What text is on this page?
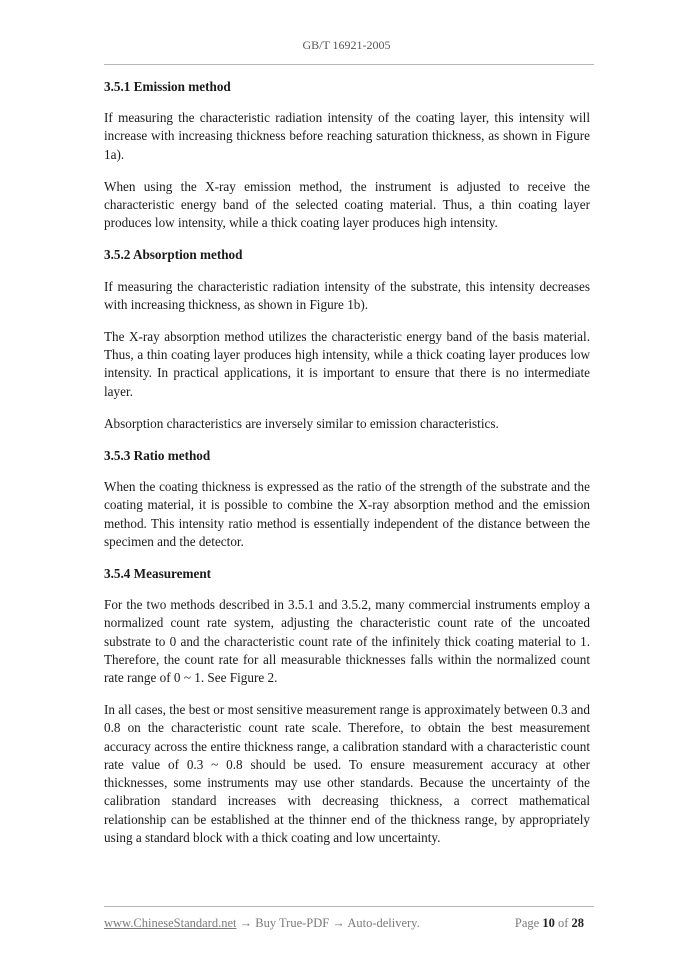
GB/T 16921-2005
3.5.1 Emission method

If measuring the characteristic radiation intensity of the coating layer, this intensity will increase with increasing thickness before reaching saturation thickness, as shown in Figure 1a).

When using the X-ray emission method, the instrument is adjusted to receive the characteristic energy band of the selected coating material. Thus, a thin coating layer produces low intensity, while a thick coating layer produces high intensity.

3.5.2 Absorption method

If measuring the characteristic radiation intensity of the substrate, this intensity decreases with increasing thickness, as shown in Figure 1b).

The X-ray absorption method utilizes the characteristic energy band of the basis material. Thus, a thin coating layer produces high intensity, while a thick coating layer produces low intensity. In practical applications, it is important to ensure that there is no intermediate layer.

Absorption characteristics are inversely similar to emission characteristics.

3.5.3 Ratio method

When the coating thickness is expressed as the ratio of the strength of the substrate and the coating material, it is possible to combine the X-ray absorption method and the emission method. This intensity ratio method is essentially independent of the distance between the specimen and the detector.

3.5.4 Measurement

For the two methods described in 3.5.1 and 3.5.2, many commercial instruments employ a normalized count rate system, adjusting the characteristic count rate of the uncoated substrate to 0 and the characteristic count rate of the infinitely thick coating material to 1. Therefore, the count rate for all measurable thicknesses falls within the normalized count rate range of 0 ~ 1. See Figure 2.

In all cases, the best or most sensitive measurement range is approximately between 0.3 and 0.8 on the characteristic count rate scale. Therefore, to obtain the best measurement accuracy across the entire thickness range, a calibration standard with a characteristic count rate value of 0.3 ~ 0.8 should be used. To ensure measurement accuracy at other thicknesses, some instruments may use other standards. Because the uncertainty of the calibration standard increases with decreasing thickness, a correct mathematical relationship can be established at the thinner end of the thickness range, by appropriately using a standard block with a thick coating and low uncertainty.

www.ChineseStandard.net → Buy True-PDF → Auto-delivery.	Page 10 of 28
